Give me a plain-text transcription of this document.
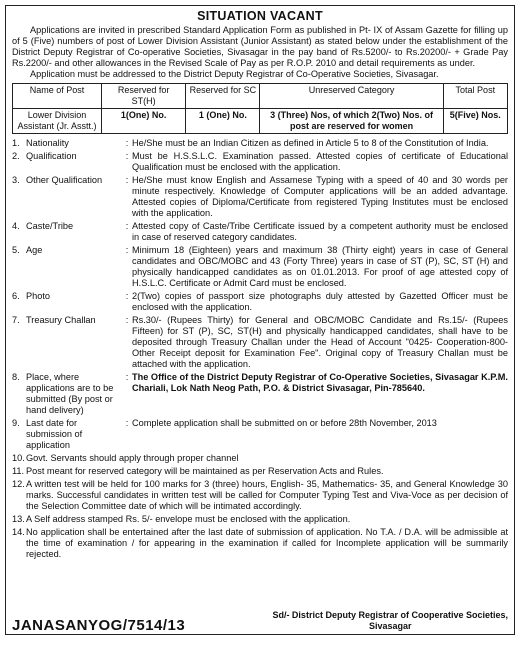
SITUATION VACANT

Applications are invited in prescribed Standard Application Form as published in Pt- IX of Assam Gazette for filling up of 5 (Five) numbers of post of Lower Division Assistant (Junior Assistant) as stated below under the establishment of the District Deputy Registrar of Co-operative Societies, Sivasagar in the pay band of Rs.5200/- to Rs.20200/- + Grade Pay Rs.2200/- and other allowances in the Revised Scale of Pay as per R.O.P. 2010 and detail requirements as under.

Application must be addressed to the District Deputy Registrar of Co-Operative Societies, Sivasagar.

Name of Post	Reserved for ST(H)	Reserved for SC	Unreserved Category	Total Post
Lower Division Assistant (Jr. Asstt.)	1(One) No.	1 (One) No.	3 (Three) Nos, of which 2(Two) Nos. of post are reserved for women	5(Five) Nos.
1. Nationality	: He/She must be an Indian Citizen as defined in Article 5 to 8 of the Constitution of India.
2. Qualification	: Must be H.S.S.L.C. Examination passed. Attested copies of certificate of Educational Qualification must be enclosed with the application.
3. Other Qualification	: He/She must know English and Assamese Typing with a speed of 40 and 30 words per minute respectively. Knowledge of Computer applications will be an added advantage. Attested copies of Diploma/Certificate from registered Typing Institutes must be enclosed with the application.
4. Caste/Tribe	: Attested copy of Caste/Tribe Certificate issued by a competent authority must be enclosed in case of reserved category candidates.
5. Age	: Minimum 18 (Eighteen) years and maximum 38 (Thirty eight) years in case of General candidates and OBC/MOBC and 43 (Forty Three) years in case of ST (P), SC, ST (H) and physically handicapped candidates as on 01.01.2013. For proof of age attested copy of H.S.L.C. Certificate or Admit Card must be enclosed.
6. Photo	: 2(Two) copies of passport size photographs duly attested by Gazetted Officer must be enclosed with the application.
7. Treasury Challan	: Rs.30/- (Rupees Thirty) for General and OBC/MOBC Candidate and Rs.15/- (Rupees Fifteen) for ST (P), SC, ST(H) and physically handicapped candidates, shall have to be deposited through Treasury Challan under the Head of Account "0425- Cooperation-800-Other Receipt deposit for Examination Fee". Original copy of Treasury Challan must be attached with the application.
8. Place, where applications are to be submitted (By post or hand delivery)
: The Office of the District Deputy Registrar of Co-Operative Societies, Sivasagar K.P.M. Chariali, Lok Nath Neog Path, P.O. & District Sivasagar, Pin-785640.
9. Last date for submission of application
: Complete application shall be submitted on or before 28th November, 2013
10. Govt. Servants should apply through proper channel
11. Post meant for reserved category will be maintained as per Reservation Acts and Rules.
12. A written test will be held for 100 marks for 3 (three) hours, English- 35, Mathematics- 35, and General Knowledge 30 marks. Successful candidates in written test will be called for Computer Typing Test and Viva-Voce as per decision of the Selection Committee date of which will be intimated accordingly.
13. A Self address stamped Rs. 5/- envelope must be enclosed with the application.
14. No application shall be entertained after the last date of submission of application. No T.A. / D.A. will be admissible at the time of examination / for appearing in the examination if called for Incomplete application will be summarily rejected.
JANASANYOG/7514/13
Sd/- District Deputy Registrar of Cooperative Societies,
Sivasagar
